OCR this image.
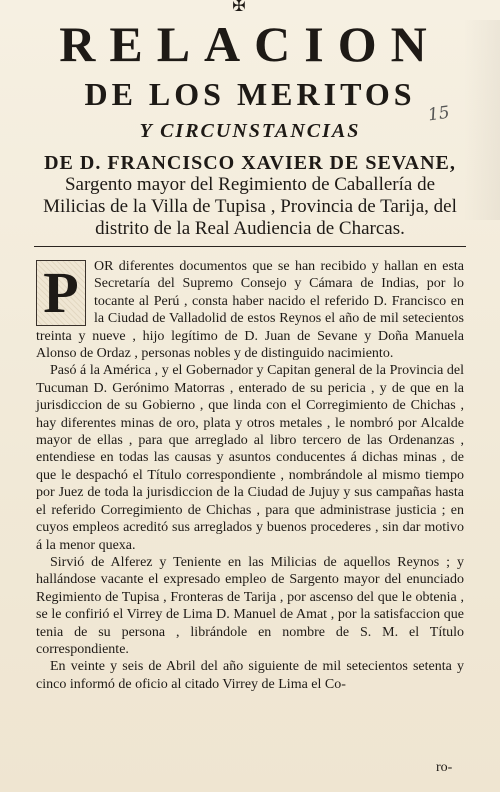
✠
RELACION
DE LOS MERITOS
Y CIRCUNSTANCIAS
15
DE D. FRANCISCO XAVIER DE SEVANE,
Sargento mayor del Regimiento de Caballería de Milicias de la Villa de Tupisa , Provincia de Tarija, del distrito de la Real Audiencia de Charcas.

P	OR diferentes documentos que se han recibido y hallan en esta Secretaría del Supremo Consejo y Cámara de Indias, por lo tocante al Perú , consta haber nacido el referido D. Francisco en la Ciudad de Valladolid de estos Reynos el año de mil setecientos treinta y nueve , hijo legítimo de D. Juan de Sevane y Doña Manuela Alonso de Ordaz , personas nobles y de distinguido nacimiento.

Pasó á la América , y el Gobernador y Capitan general de la Provincia del Tucuman D. Gerónimo Matorras , enterado de su pericia , y de que en la jurisdiccion de su Gobierno , que linda con el Corregimiento de Chichas , hay diferentes minas de oro, plata y otros metales , le nombró por Alcalde mayor de ellas , para que arreglado al libro tercero de las Ordenanzas , entendiese en todas las causas y asuntos conducentes á dichas minas , de que le despachó el Título correspondiente , nombrándole al mismo tiempo por Juez de toda la jurisdiccion de la Ciudad de Jujuy y sus campañas hasta el referido Corregimiento de Chichas , para que administrase justicia ; en cuyos empleos acreditó sus arreglados y buenos procederes , sin dar motivo á la menor quexa.

Sirvió de Alferez y Teniente en las Milicias de aquellos Reynos ; y hallándose vacante el expresado empleo de Sargento mayor del enunciado Regimiento de Tupisa , Fronteras de Tarija , por ascenso del que le obtenia , se le confirió el Virrey de Lima D. Manuel de Amat , por la satisfaccion que tenia de su persona , librándole en nombre de S. M. el Título correspondiente.

En veinte y seis de Abril del año siguiente de mil setecientos setenta y cinco informó de oficio al citado Virrey de Lima el Co-

ro-
